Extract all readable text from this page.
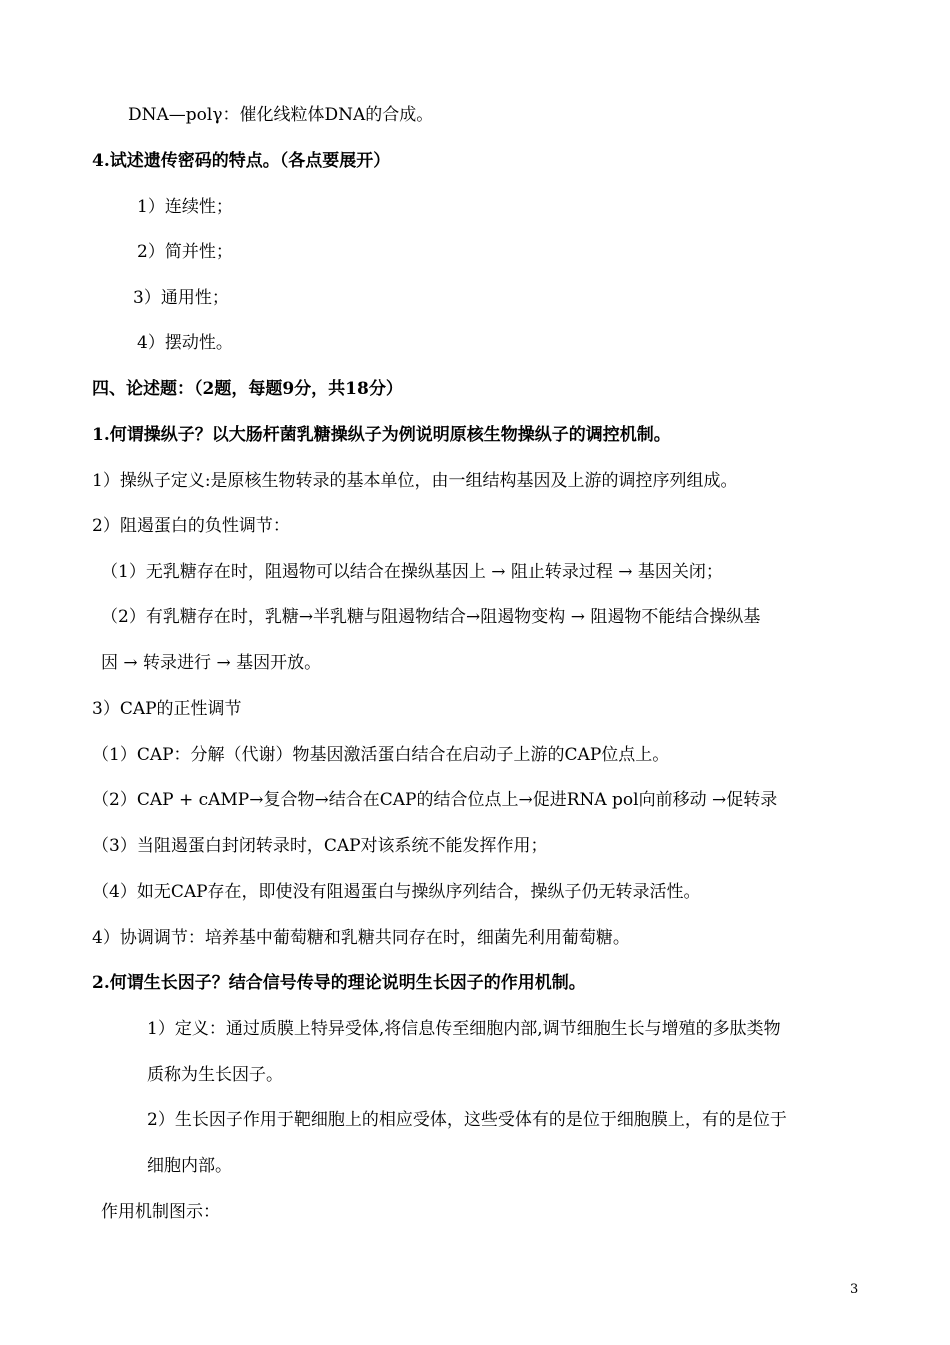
DNA—polγ：催化线粒体DNA的合成。
4.试述遗传密码的特点。（各点要展开）
1）连续性；
2）简并性；
3）通用性；
4）摆动性。
四、论述题：（2题，每题9分，共18分）
1.何谓操纵子？以大肠杆菌乳糖操纵子为例说明原核生物操纵子的调控机制。
1）操纵子定义:是原核生物转录的基本单位，由一组结构基因及上游的调控序列组成。
2）阻遏蛋白的负性调节：
（1）无乳糖存在时，阻遏物可以结合在操纵基因上 → 阻止转录过程 → 基因关闭；
（2）有乳糖存在时，乳糖→半乳糖与阻遏物结合→阻遏物变构 → 阻遏物不能结合操纵基
因 → 转录进行 → 基因开放。
3）CAP的正性调节
（1）CAP：分解（代谢）物基因激活蛋白结合在启动子上游的CAP位点上。
（2）CAP + cAMP→复合物→结合在CAP的结合位点上→促进RNA pol向前移动 →促转录
（3）当阻遏蛋白封闭转录时，CAP对该系统不能发挥作用；
（4）如无CAP存在，即使没有阻遏蛋白与操纵序列结合，操纵子仍无转录活性。
4）协调调节：培养基中葡萄糖和乳糖共同存在时，细菌先利用葡萄糖。
2.何谓生长因子？结合信号传导的理论说明生长因子的作用机制。
1）定义：通过质膜上特异受体,将信息传至细胞内部,调节细胞生长与增殖的多肽类物
质称为生长因子。
2）生长因子作用于靶细胞上的相应受体，这些受体有的是位于细胞膜上，有的是位于
细胞内部。
作用机制图示：
3
